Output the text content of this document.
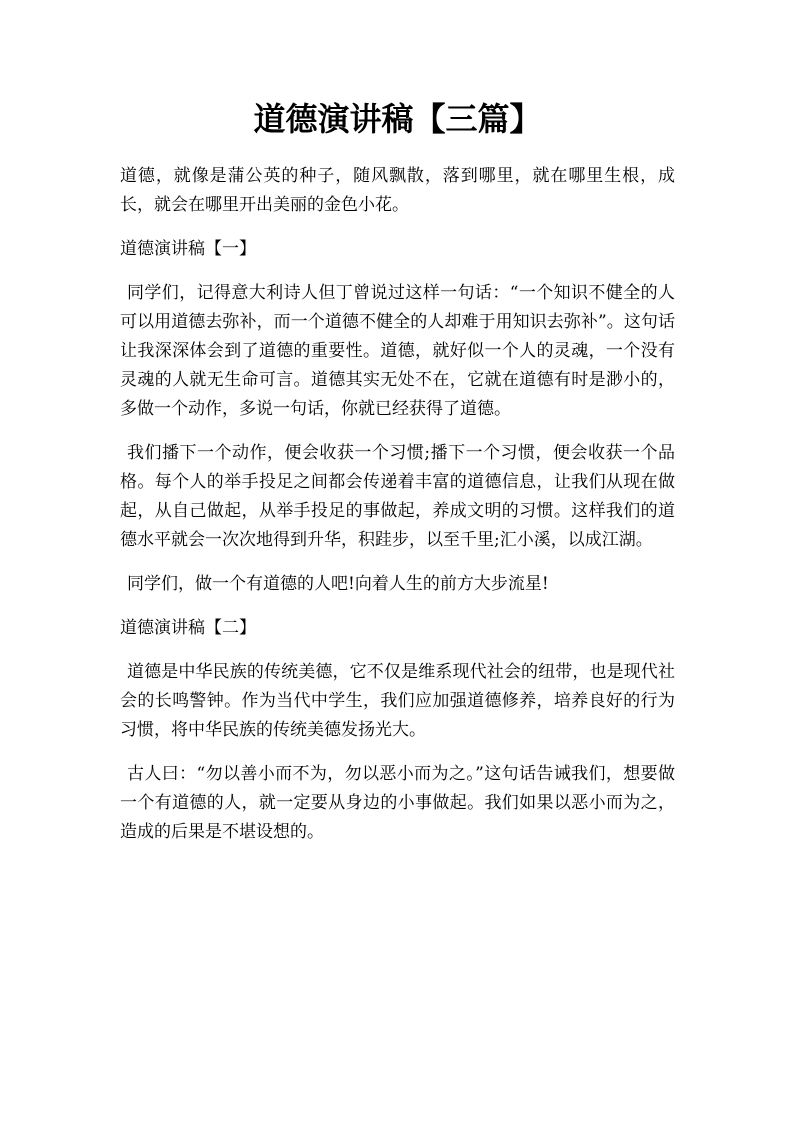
道德演讲稿【三篇】

道德，就像是蒲公英的种子，随风飘散，落到哪里，就在哪里生根，成长，就会在哪里开出美丽的金色小花。

道德演讲稿【一】

同学们，记得意大利诗人但丁曾说过这样一句话：“一个知识不健全的人可以用道德去弥补，而一个道德不健全的人却难于用知识去弥补”。这句话让我深深体会到了道德的重要性。道德，就好似一个人的灵魂，一个没有灵魂的人就无生命可言。道德其实无处不在，它就在道德有时是渺小的，多做一个动作，多说一句话，你就已经获得了道德。

我们播下一个动作，便会收获一个习惯;播下一个习惯，便会收获一个品格。每个人的举手投足之间都会传递着丰富的道德信息，让我们从现在做起，从自己做起，从举手投足的事做起，养成文明的习惯。这样我们的道德水平就会一次次地得到升华，积跬步，以至千里;汇小溪，以成江湖。

同学们，做一个有道德的人吧!向着人生的前方大步流星!

道德演讲稿【二】

道德是中华民族的传统美德，它不仅是维系现代社会的纽带，也是现代社会的长鸣警钟。作为当代中学生，我们应加强道德修养，培养良好的行为习惯，将中华民族的传统美德发扬光大。

古人曰：“勿以善小而不为，勿以恶小而为之。”这句话告诫我们，想要做一个有道德的人，就一定要从身边的小事做起。我们如果以恶小而为之，造成的后果是不堪设想的。
